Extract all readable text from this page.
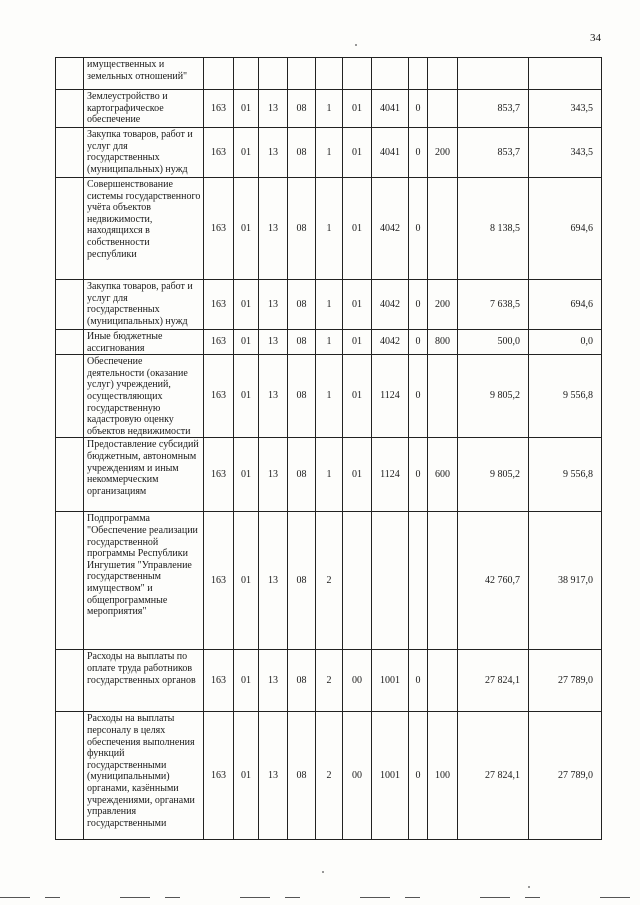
34
	имущественных и земельных отношений"											
	Землеустройство и картографическое обеспечение	163	01	13	08	1	01	4041	0		853,7	343,5
	Закупка товаров, работ и услуг для государственных (муниципальных) нужд	163	01	13	08	1	01	4041	0	200	853,7	343,5
	Совершенствование системы государственного учёта объектов недвижимости, находящихся в собственности республики	163	01	13	08	1	01	4042	0		8 138,5	694,6
	Закупка товаров, работ и услуг для государственных (муниципальных) нужд	163	01	13	08	1	01	4042	0	200	7 638,5	694,6
	Иные бюджетные ассигнования	163	01	13	08	1	01	4042	0	800	500,0	0,0
	Обеспечение деятельности (оказание услуг) учреждений, осуществляющих государственную кадастровую оценку объектов недвижимости	163	01	13	08	1	01	1124	0		9 805,2	9 556,8
	Предоставление субсидий бюджетным, автономным учреждениям и иным некоммерческим организациям	163	01	13	08	1	01	1124	0	600	9 805,2	9 556,8
	Подпрограмма "Обеспечение реализации государственной программы Республики Ингушетия "Управление государственным имуществом" и общепрограммные мероприятия"	163	01	13	08	2					42 760,7	38 917,0
	Расходы на выплаты по оплате труда работников государственных органов	163	01	13	08	2	00	1001	0		27 824,1	27 789,0
	Расходы на выплаты персоналу в целях обеспечения выполнения функций государственными (муниципальными) органами, казёнными учреждениями, органами управления государственными	163	01	13	08	2	00	1001	0	100	27 824,1	27 789,0
